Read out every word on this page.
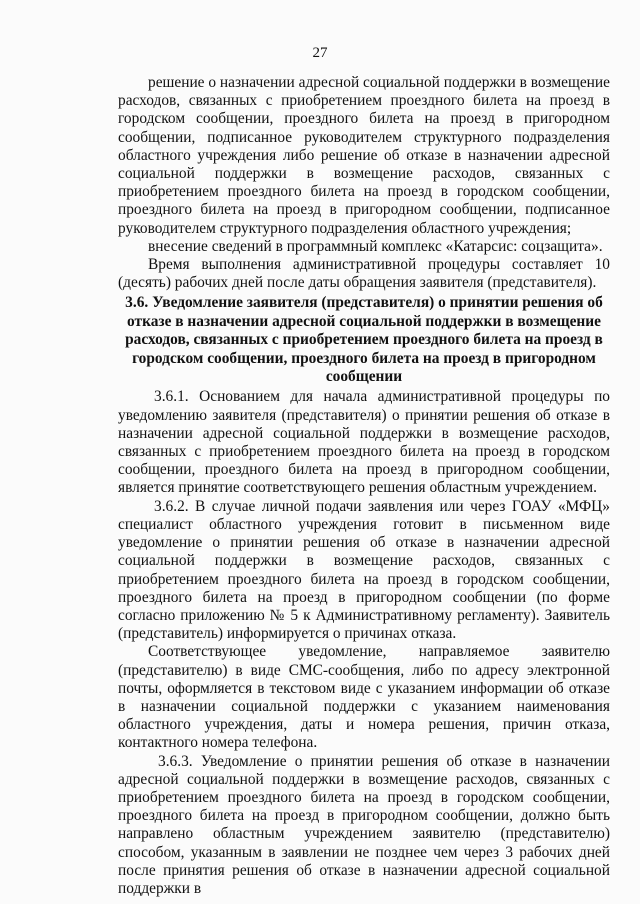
27

решение о назначении адресной социальной поддержки в возмещение расходов, связанных с приобретением проездного билета на проезд в городском сообщении, проездного билета на проезд в пригородном сообщении, подписанное руководителем структурного подразделения областного учреждения либо решение об отказе в назначении адресной социальной поддержки в возмещение расходов, связанных с приобретением проездного билета на проезд в городском сообщении, проездного билета на проезд в пригородном сообщении, подписанное руководителем структурного подразделения областного учреждения;

внесение сведений в программный комплекс «Катарсис: соцзащита».

Время выполнения административной процедуры составляет 10 (десять) рабочих дней после даты обращения заявителя (представителя).

3.6. Уведомление заявителя (представителя) о принятии решения об отказе в назначении адресной социальной поддержки в возмещение расходов, связанных с приобретением проездного билета на проезд в городском сообщении, проездного билета на проезд в пригородном сообщении

3.6.1. Основанием для начала административной процедуры по уведомлению заявителя (представителя) о принятии решения об отказе в назначении адресной социальной поддержки в возмещение расходов, связанных с приобретением проездного билета на проезд в городском сообщении, проездного билета на проезд в пригородном сообщении, является принятие соответствующего решения областным учреждением.

3.6.2. В случае личной подачи заявления или через ГОАУ «МФЦ» специалист областного учреждения готовит в письменном виде уведомление о принятии решения об отказе в назначении адресной социальной поддержки в возмещение расходов, связанных с приобретением проездного билета на проезд в городском сообщении, проездного билета на проезд в пригородном сообщении (по форме согласно приложению № 5 к Административному регламенту). Заявитель (представитель) информируется о причинах отказа.

Соответствующее уведомление, направляемое заявителю (представителю) в виде СМС-сообщения, либо по адресу электронной почты, оформляется в текстовом виде с указанием информации об отказе в назначении социальной поддержки с указанием наименования областного учреждения, даты и номера решения, причин отказа, контактного номера телефона.

3.6.3. Уведомление о принятии решения об отказе в назначении адресной социальной поддержки в возмещение расходов, связанных с приобретением проездного билета на проезд в городском сообщении, проездного билета на проезд в пригородном сообщении, должно быть направлено областным учреждением заявителю (представителю) способом, указанным в заявлении не позднее чем через 3 рабочих дней после принятия решения об отказе в назначении адресной социальной поддержки в
